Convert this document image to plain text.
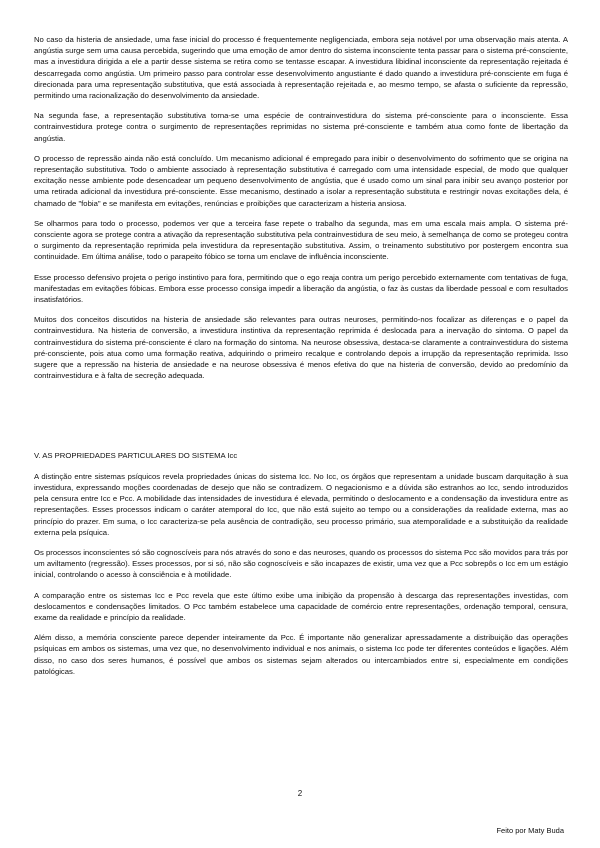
No caso da histeria de ansiedade, uma fase inicial do processo é frequentemente negligenciada, embora seja notável por uma observação mais atenta. A angústia surge sem uma causa percebida, sugerindo que uma emoção de amor dentro do sistema inconsciente tenta passar para o sistema pré-consciente, mas a investidura dirigida a ele a partir desse sistema se retira como se tentasse escapar. A investidura libidinal inconsciente da representação rejeitada é descarregada como angústia. Um primeiro passo para controlar esse desenvolvimento angustiante é dado quando a investidura pré-consciente em fuga é direcionada para uma representação substitutiva, que está associada à representação rejeitada e, ao mesmo tempo, se afasta o suficiente da repressão, permitindo uma racionalização do desenvolvimento da ansiedade.

Na segunda fase, a representação substitutiva torna-se uma espécie de contrainvestidura do sistema pré-consciente para o inconsciente. Essa contrainvestidura protege contra o surgimento de representações reprimidas no sistema pré-consciente e também atua como fonte de libertação da angústia.

O processo de repressão ainda não está concluído. Um mecanismo adicional é empregado para inibir o desenvolvimento do sofrimento que se origina na representação substitutiva. Todo o ambiente associado à representação substitutiva é carregado com uma intensidade especial, de modo que qualquer excitação nesse ambiente pode desencadear um pequeno desenvolvimento de angústia, que é usado como um sinal para inibir seu avanço posterior por uma retirada adicional da investidura pré-consciente. Esse mecanismo, destinado a isolar a representação substituta e restringir novas excitações dela, é chamado de "fobia" e se manifesta em evitações, renúncias e proibições que caracterizam a histeria ansiosa.

Se olharmos para todo o processo, podemos ver que a terceira fase repete o trabalho da segunda, mas em uma escala mais ampla. O sistema pré-consciente agora se protege contra a ativação da representação substitutiva pela contrainvestidura de seu meio, à semelhança de como se protegeu contra o surgimento da representação reprimida pela investidura da representação substitutiva. Assim, o treinamento substitutivo por postergem encontra sua continuidade. Em última análise, todo o parapeito fóbico se torna um enclave de influência inconsciente.

Esse processo defensivo projeta o perigo instintivo para fora, permitindo que o ego reaja contra um perigo percebido externamente com tentativas de fuga, manifestadas em evitações fóbicas. Embora esse processo consiga impedir a liberação da angústia, o faz às custas da liberdade pessoal e com resultados insatisfatórios.

Muitos dos conceitos discutidos na histeria de ansiedade são relevantes para outras neuroses, permitindo-nos focalizar as diferenças e o papel da contrainvestidura. Na histeria de conversão, a investidura instintiva da representação reprimida é deslocada para a inervação do sintoma. O papel da contrainvestidura do sistema pré-consciente é claro na formação do sintoma. Na neurose obsessiva, destaca-se claramente a contrainvestidura do sistema pré-consciente, pois atua como uma formação reativa, adquirindo o primeiro recalque e controlando depois a irrupção da representação reprimida. Isso sugere que a repressão na histeria de ansiedade e na neurose obsessiva é menos efetiva do que na histeria de conversão, devido ao predomínio da contrainvestidura e à falta de secreção adequada.

V. AS PROPRIEDADES PARTICULARES DO SISTEMA Icc

A distinção entre sistemas psíquicos revela propriedades únicas do sistema Icc. No Icc, os órgãos que representam a unidade buscam darquitação à sua investidura, expressando moções coordenadas de desejo que não se contradizem. O negacionismo e a dúvida são estranhos ao Icc, sendo introduzidos pela censura entre Icc e Pcc. A mobilidade das intensidades de investidura é elevada, permitindo o deslocamento e a condensação da investidura entre as representações. Esses processos indicam o caráter atemporal do Icc, que não está sujeito ao tempo ou a considerações da realidade externa, mas ao princípio do prazer. Em suma, o Icc caracteriza-se pela ausência de contradição, seu processo primário, sua atemporalidade e a substituição da realidade externa pela psíquica.

Os processos inconscientes só são cognoscíveis para nós através do sono e das neuroses, quando os processos do sistema Pcc são movidos para trás por um aviltamento (regressão). Esses processos, por si só, não são cognoscíveis e são incapazes de existir, uma vez que a Pcc sobrepôs o Icc em um estágio inicial, controlando o acesso à consciência e à motilidade.

A comparação entre os sistemas Icc e Pcc revela que este último exibe uma inibição da propensão à descarga das representações investidas, com deslocamentos e condensações limitados. O Pcc também estabelece uma capacidade de comércio entre representações, ordenação temporal, censura, exame da realidade e princípio da realidade.

Além disso, a memória consciente parece depender inteiramente da Pcc. É importante não generalizar apressadamente a distribuição das operações psíquicas em ambos os sistemas, uma vez que, no desenvolvimento individual e nos animais, o sistema Icc pode ter diferentes conteúdos e ligações. Além disso, no caso dos seres humanos, é possível que ambos os sistemas sejam alterados ou intercambiados entre si, especialmente em condições patológicas.

2
Feito por Maty Buda
